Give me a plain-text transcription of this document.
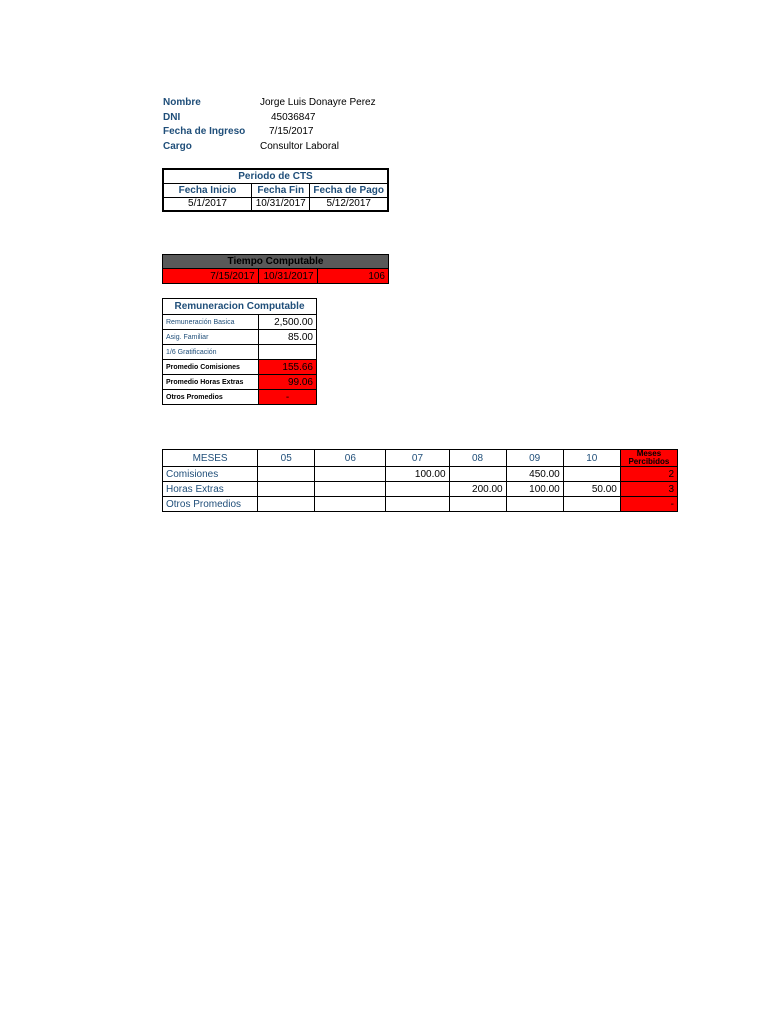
Nombre	Jorge Luis Donayre Perez
DNI	45036847
Fecha de Ingreso 7/15/2017
Cargo	Consultor Laboral
Periodo de CTS		
Fecha Inicio	Fecha Fin	Fecha de Pago
5/1/2017	10/31/2017	5/12/2017
Tiempo Computable
7/15/2017	10/31/2017	106
Remuneracion Computable	
Remuneración Basica	2,500.00
Asig. Familiar	85.00
1/6 Gratificación	
Promedio Comisiones	155.66
Promedio Horas Extras	99.06
Otros Promedios	-
MESES	05	06	07	08	09	10	Meses Percibidos
Comisiones			100.00		450.00		2
Horas Extras				200.00	100.00	50.00	3
Otros Promedios							-
